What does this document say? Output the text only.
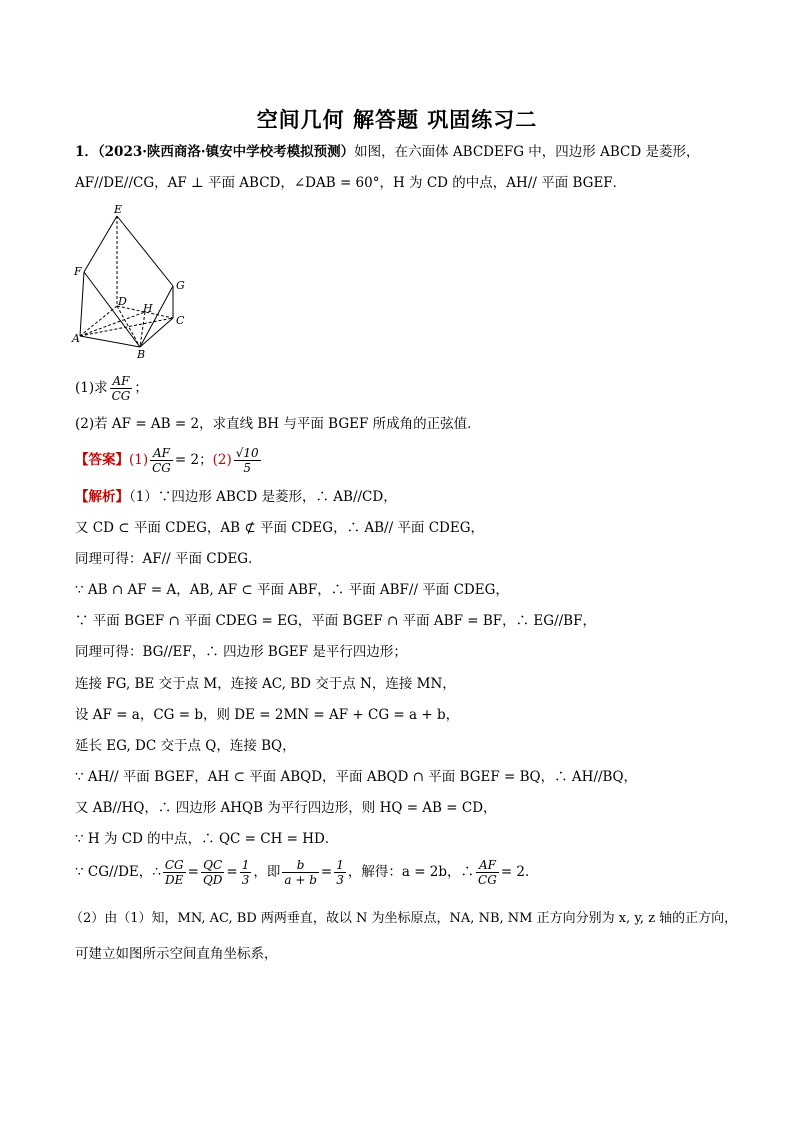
空间几何 解答题 巩固练习二
1．（2023·陕西商洛·镇安中学校考模拟预测）如图，在六面体 ABCDEFG 中，四边形 ABCD 是菱形，
AF//DE//CG，AF ⊥ 平面 ABCD，∠DAB = 60°，H 为 CD 的中点，AH// 平面 BGEF．
E
F
G
D
H
C
A
B
(1)求 $\frac{AF}{CG}$ ；
(2)若 AF = AB = 2，求直线 BH 与平面 BGEF 所成角的正弦值．
【答案】$(1) \frac{AF}{CG} = 2$；$(2) \frac{√10}{5}$
【解析】（1）∵四边形 ABCD 是菱形，∴ AB//CD，
又 CD ⊂ 平面 CDEG，AB ⊄ 平面 CDEG，∴ AB// 平面 CDEG，
同理可得：AF// 平面 CDEG．
∵ AB ∩ AF = A，AB, AF ⊂ 平面 ABF，∴ 平面 ABF// 平面 CDEG，
∵ 平面 BGEF ∩ 平面 CDEG = EG，平面 BGEF ∩ 平面 ABF = BF，∴ EG//BF，
同理可得：BG//EF，∴ 四边形 BGEF 是平行四边形；
连接 FG, BE 交于点 M，连接 AC, BD 交于点 N，连接 MN，
设 AF = a，CG = b，则 DE = 2MN = AF + CG = a + b，
延长 EG, DC 交于点 Q，连接 BQ，
∵ AH// 平面 BGEF，AH ⊂ 平面 ABQD，平面 ABQD ∩ 平面 BGEF = BQ，∴ AH//BQ，
又 AB//HQ，∴ 四边形 AHQB 为平行四边形，则 HQ = AB = CD，
∵ H 为 CD 的中点，∴ QC = CH = HD．
∵ CG//DE，∴ $\frac{CG}{DE} = \frac{QC}{QD} = \frac{1}{3}$ ，即 $\frac{b}{a + b} = \frac{1}{3}$ ，解得：a = 2b，∴ $\frac{AF}{CG} = 2$．
（2）由（1）知，MN, AC, BD 两两垂直，故以 N 为坐标原点，NA, NB, NM 正方向分别为 x, y, z 轴的正方向，
可建立如图所示空间直角坐标系，
